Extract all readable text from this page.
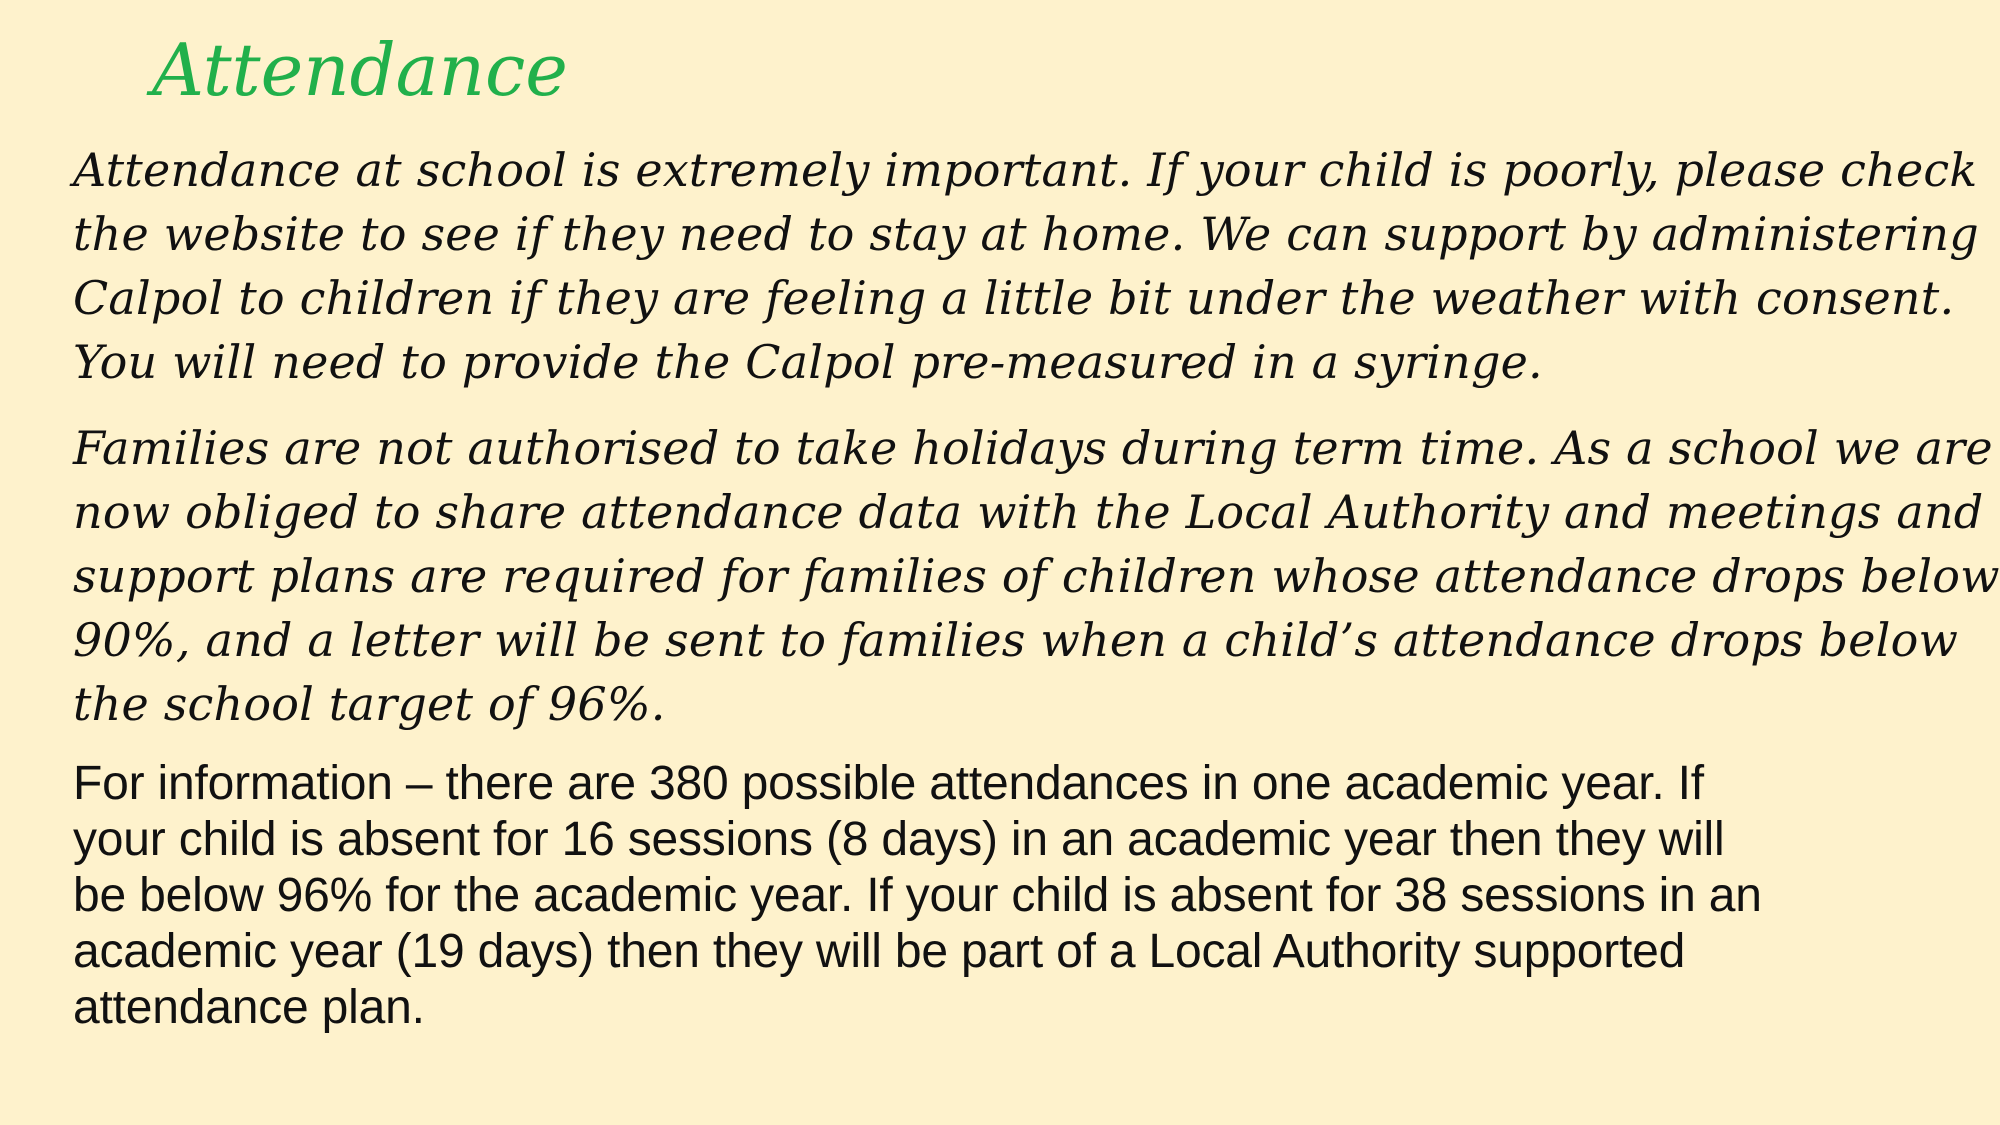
Attendance

Attendance at school is extremely important. If your child is poorly, please check
the website to see if they need to stay at home. We can support by administering
Calpol to children if they are feeling a little bit under the weather with consent.
You will need to provide the Calpol pre-measured in a syringe.

Families are not authorised to take holidays during term time. As a school we are
now obliged to share attendance data with the Local Authority and meetings and
support plans are required for families of children whose attendance drops below
90%, and a letter will be sent to families when a child’s attendance drops below
the school target of 96%.

For information – there are 380 possible attendances in one academic year. If
your child is absent for 16 sessions (8 days) in an academic year then they will
be below 96% for the academic year. If your child is absent for 38 sessions in an
academic year (19 days) then they will be part of a Local Authority supported
attendance plan.
